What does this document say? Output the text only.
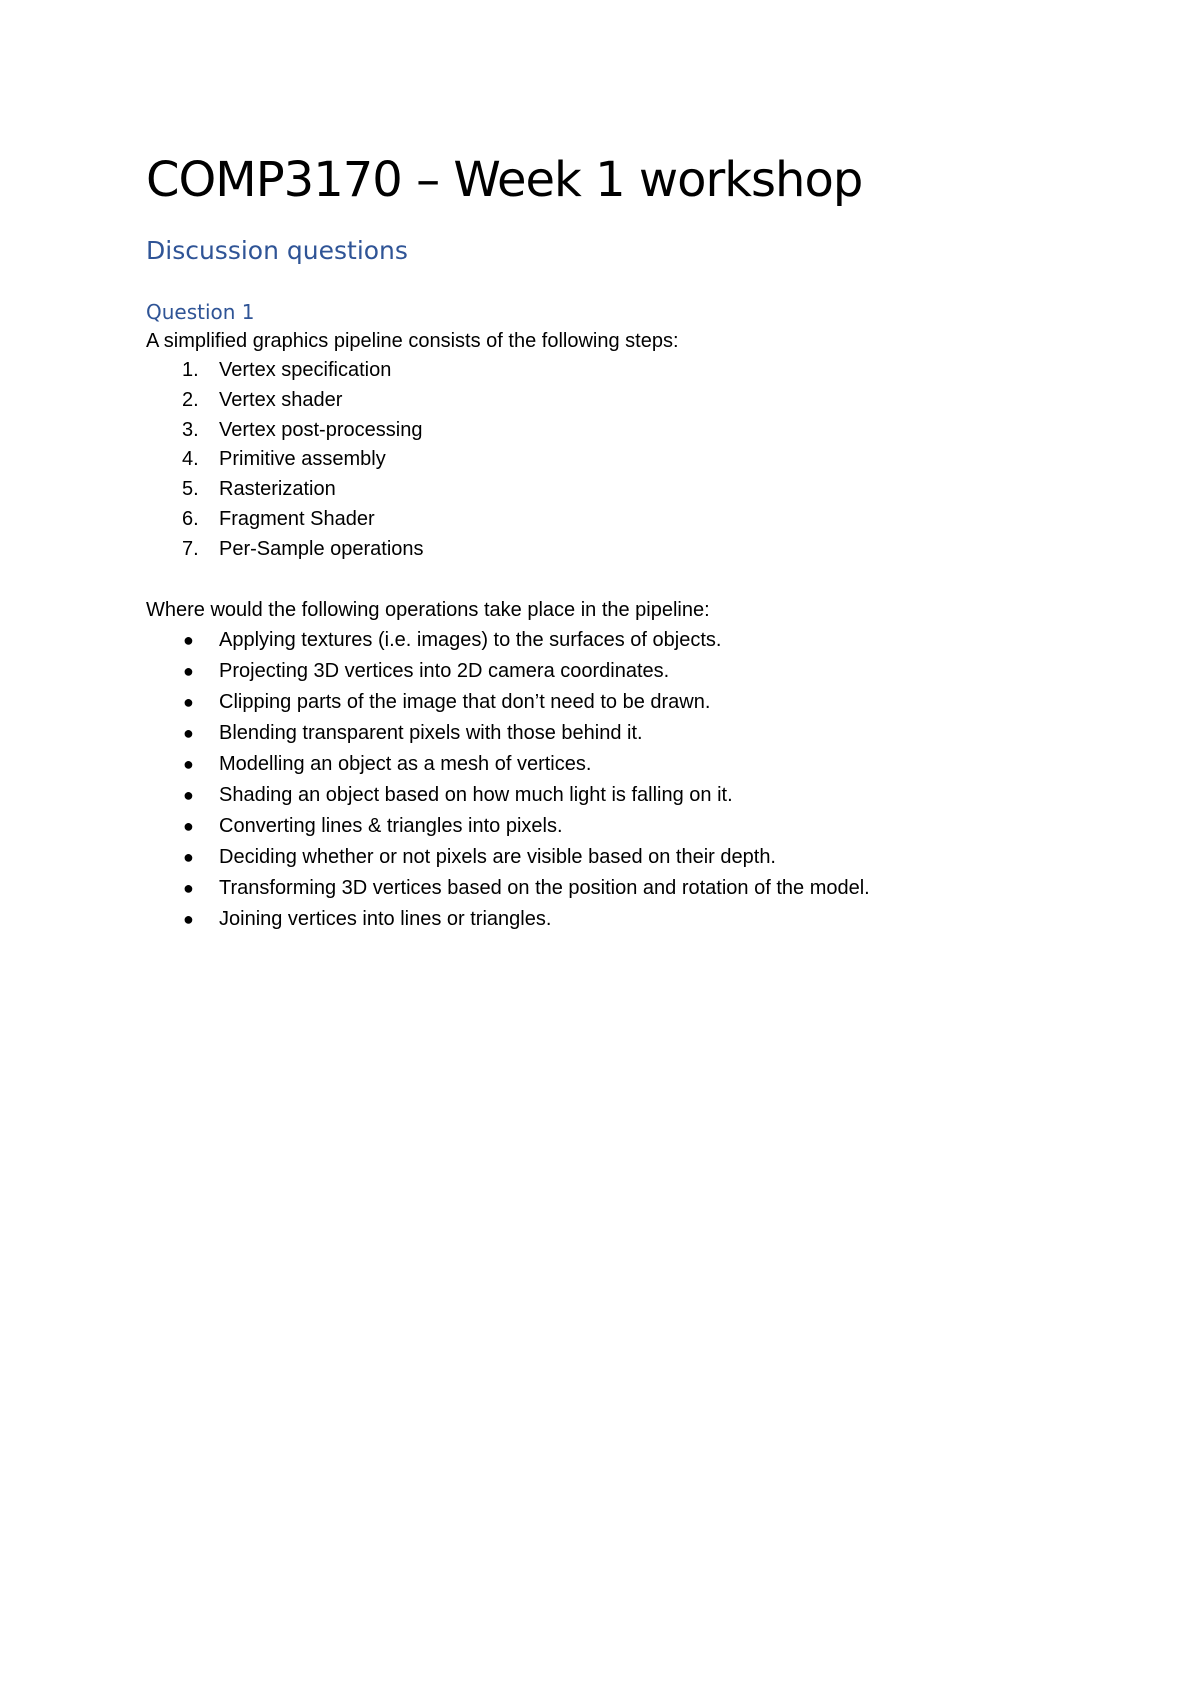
COMP3170 – Week 1 workshop
Discussion questions
Question 1

A simplified graphics pipeline consists of the following steps:

1. Vertex specification
2. Vertex shader
3. Vertex post-processing
4. Primitive assembly
5. Rasterization
6. Fragment Shader
7. Per-Sample operations

Where would the following operations take place in the pipeline:

● Applying textures (i.e. images) to the surfaces of objects.
● Projecting 3D vertices into 2D camera coordinates.
● Clipping parts of the image that don’t need to be drawn.
● Blending transparent pixels with those behind it.
● Modelling an object as a mesh of vertices.
● Shading an object based on how much light is falling on it.
● Converting lines & triangles into pixels.
● Deciding whether or not pixels are visible based on their depth.
● Transforming 3D vertices based on the position and rotation of the model.
● Joining vertices into lines or triangles.
